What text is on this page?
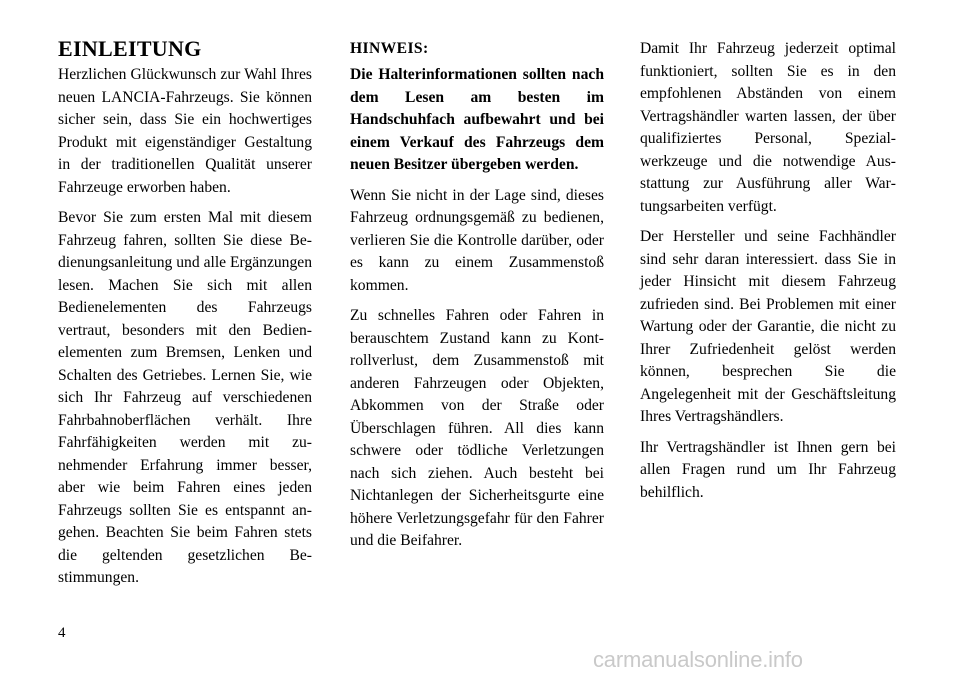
EINLEITUNG

Herzlichen Glückwunsch zur Wahl Ihres neuen LANCIA-Fahrzeugs. Sie können sicher sein, dass Sie ein hochwertiges Produkt mit eigenständiger Gestaltung in der traditionellen Qualität unserer Fahrzeuge erworben haben.

Bevor Sie zum ersten Mal mit diesem Fahrzeug fahren, sollten Sie diese Bedienungsanleitung und alle Ergänzungen lesen. Machen Sie sich mit allen Bedienelementen des Fahrzeugs vertraut, besonders mit den Bedienelementen zum Bremsen, Lenken und Schalten des Getriebes. Lernen Sie, wie sich Ihr Fahrzeug auf verschiedenen Fahrbahnoberflächen verhält. Ihre Fahrfähigkeiten werden mit zunehmender Erfahrung immer besser, aber wie beim Fahren eines jeden Fahrzeugs sollten Sie es entspannt angehen. Beachten Sie beim Fahren stets die geltenden gesetzlichen Bestimmungen.

HINWEIS:

Die Halterinformationen sollten nach dem Lesen am besten im Handschuhfach aufbewahrt und bei einem Verkauf des Fahrzeugs dem neuen Besitzer übergeben werden.

Wenn Sie nicht in der Lage sind, dieses Fahrzeug ordnungsgemäß zu bedienen, verlieren Sie die Kontrolle darüber, oder es kann zu einem Zusammenstoß kommen.

Zu schnelles Fahren oder Fahren in berauschtem Zustand kann zu Kontrollverlust, dem Zusammenstoß mit anderen Fahrzeugen oder Objekten, Abkommen von der Straße oder Überschlagen führen. All dies kann schwere oder tödliche Verletzungen nach sich ziehen. Auch besteht bei Nichtanlegen der Sicherheitsgurte eine höhere Verletzungsgefahr für den Fahrer und die Beifahrer.

Damit Ihr Fahrzeug jederzeit optimal funktioniert, sollten Sie es in den empfohlenen Abständen von einem Vertragshändler warten lassen, der über qualifiziertes Personal, Spezialwerkzeuge und die notwendige Ausstattung zur Ausführung aller Wartungsarbeiten verfügt.

Der Hersteller und seine Fachhändler sind sehr daran interessiert. dass Sie in jeder Hinsicht mit diesem Fahrzeug zufrieden sind. Bei Problemen mit einer Wartung oder der Garantie, die nicht zu Ihrer Zufriedenheit gelöst werden können, besprechen Sie die Angelegenheit mit der Geschäftsleitung Ihres Vertragshändlers.

Ihr Vertragshändler ist Ihnen gern bei allen Fragen rund um Ihr Fahrzeug behilflich.

4
carmanualsonline.info
